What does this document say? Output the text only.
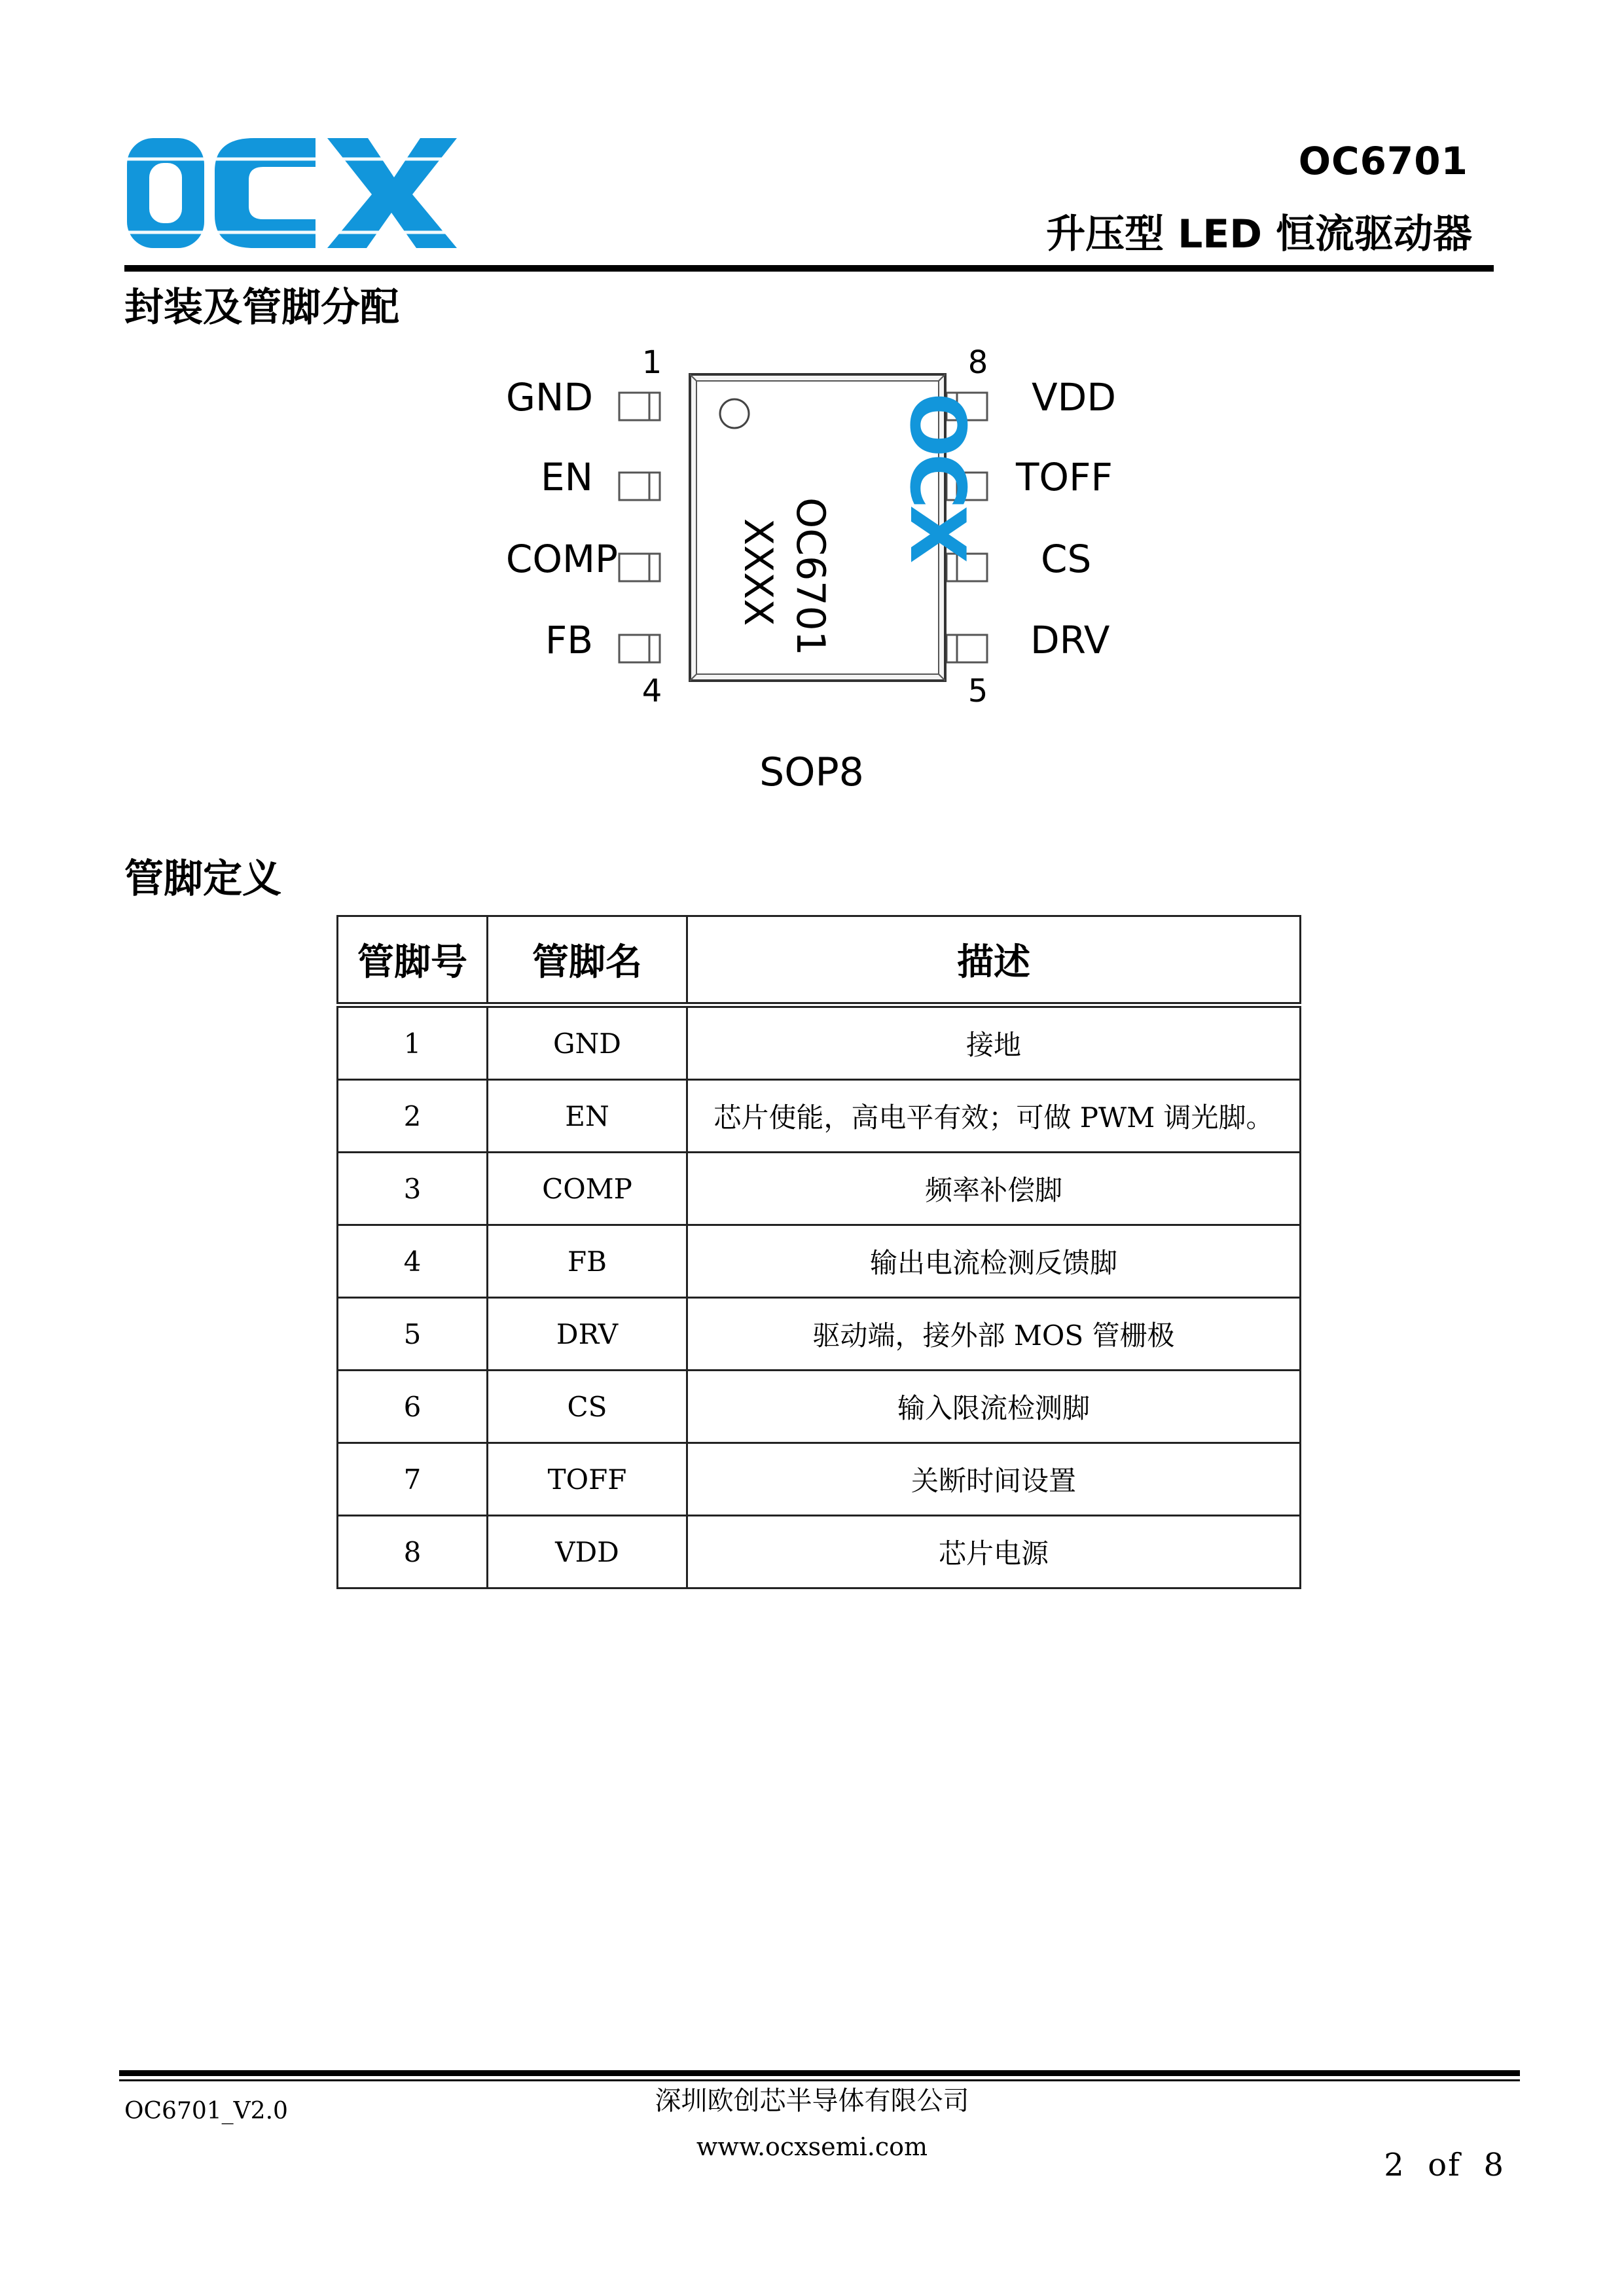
OCX
OC6701
升压型 LED 恒流驱动器
封装及管脚分配
1	8
4	5
GND
EN
COMP
FB
VDD
TOFF
CS
DRV
OCX
OC6701
XXXX
SOP8
管脚定义
管脚号	管脚名	描述
1	GND	接地
2	EN	芯片使能，高电平有效；可做 PWM 调光脚。
3	COMP	频率补偿脚
4	FB	输出电流检测反馈脚
5	DRV	驱动端，接外部 MOS 管栅极
6	CS	输入限流检测脚
7	TOFF	关断时间设置
8	VDD	芯片电源
OC6701_V2.0	深圳欧创芯半导体有限公司
www.ocxsemi.com	2  of  8
